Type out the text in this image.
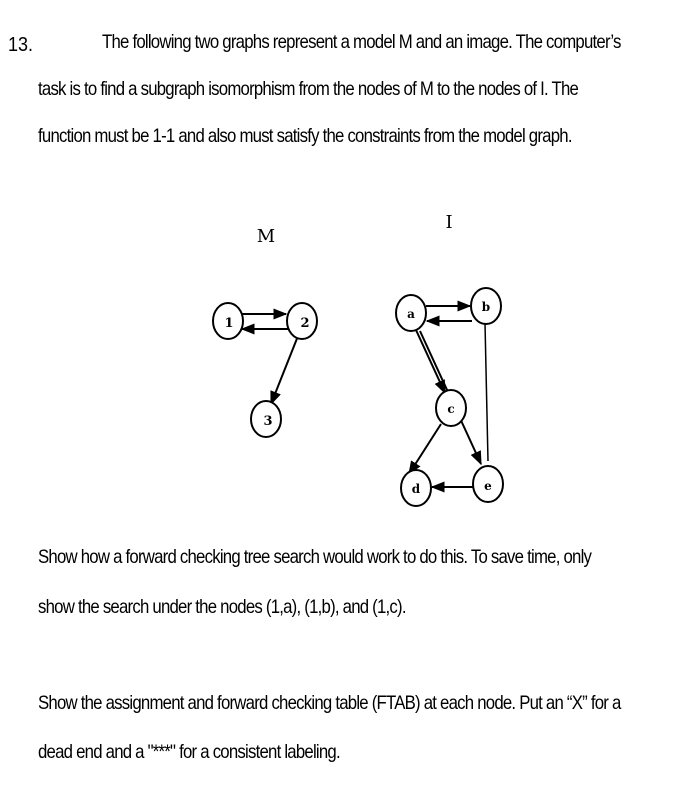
13.	The following two graphs represent a model M and an image. The computer’s
task is to find a subgraph isomorphism from the nodes of M to the nodes of I. The
function must be 1-1 and also must satisfy the constraints from the model graph.
M
1	2
3
I
a	b
c
d	e
Show how a forward checking tree search would work to do this. To save time, only
show the search under the nodes (1,a), (1,b), and (1,c).
Show the assignment and forward checking table (FTAB) at each node. Put an “X” for a
dead end and a "***" for a consistent labeling.
